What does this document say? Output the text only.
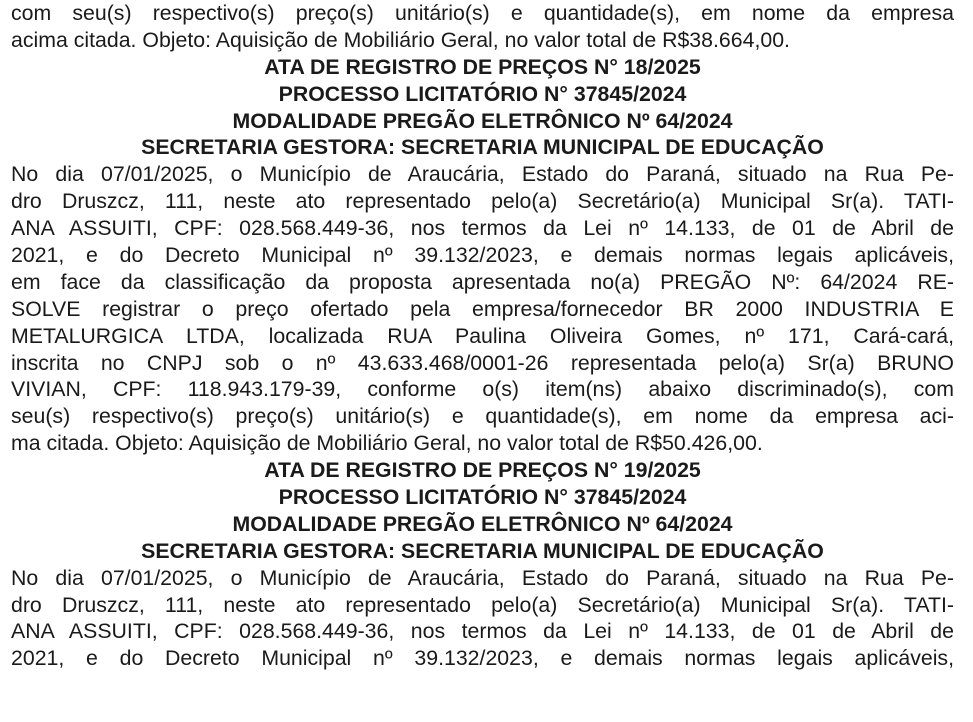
com seu(s) respectivo(s) preço(s) unitário(s) e quantidade(s), em nome da empresa
acima citada. Objeto: Aquisição de Mobiliário Geral, no valor total de R$38.664,00.
ATA DE REGISTRO DE PREÇOS N° 18/2025
PROCESSO LICITATÓRIO N° 37845/2024
MODALIDADE PREGÃO ELETRÔNICO Nº 64/2024
SECRETARIA GESTORA: SECRETARIA MUNICIPAL DE EDUCAÇÃO
No dia 07/01/2025, o Município de Araucária, Estado do Paraná, situado na Rua Pe-
dro Druszcz, 111, neste ato representado pelo(a) Secretário(a) Municipal Sr(a). TATI-
ANA ASSUITI, CPF: 028.568.449-36, nos termos da Lei nº 14.133, de 01 de Abril de
2021, e do Decreto Municipal nº 39.132/2023, e demais normas legais aplicáveis,
em face da classificação da proposta apresentada no(a) PREGÃO Nº: 64/2024 RE-
SOLVE registrar o preço ofertado pela empresa/fornecedor BR 2000 INDUSTRIA E
METALURGICA LTDA, localizada RUA Paulina Oliveira Gomes, nº 171, Cará-cará,
inscrita no CNPJ sob o nº 43.633.468/0001-26 representada pelo(a) Sr(a) BRUNO
VIVIAN, CPF: 118.943.179-39, conforme o(s) item(ns) abaixo discriminado(s), com
seu(s) respectivo(s) preço(s) unitário(s) e quantidade(s), em nome da empresa aci-
ma citada. Objeto: Aquisição de Mobiliário Geral, no valor total de R$50.426,00.
ATA DE REGISTRO DE PREÇOS N° 19/2025
PROCESSO LICITATÓRIO N° 37845/2024
MODALIDADE PREGÃO ELETRÔNICO Nº 64/2024
SECRETARIA GESTORA: SECRETARIA MUNICIPAL DE EDUCAÇÃO
No dia 07/01/2025, o Município de Araucária, Estado do Paraná, situado na Rua Pe-
dro Druszcz, 111, neste ato representado pelo(a) Secretário(a) Municipal Sr(a). TATI-
ANA ASSUITI, CPF: 028.568.449-36, nos termos da Lei nº 14.133, de 01 de Abril de
2021, e do Decreto Municipal nº 39.132/2023, e demais normas legais aplicáveis,
